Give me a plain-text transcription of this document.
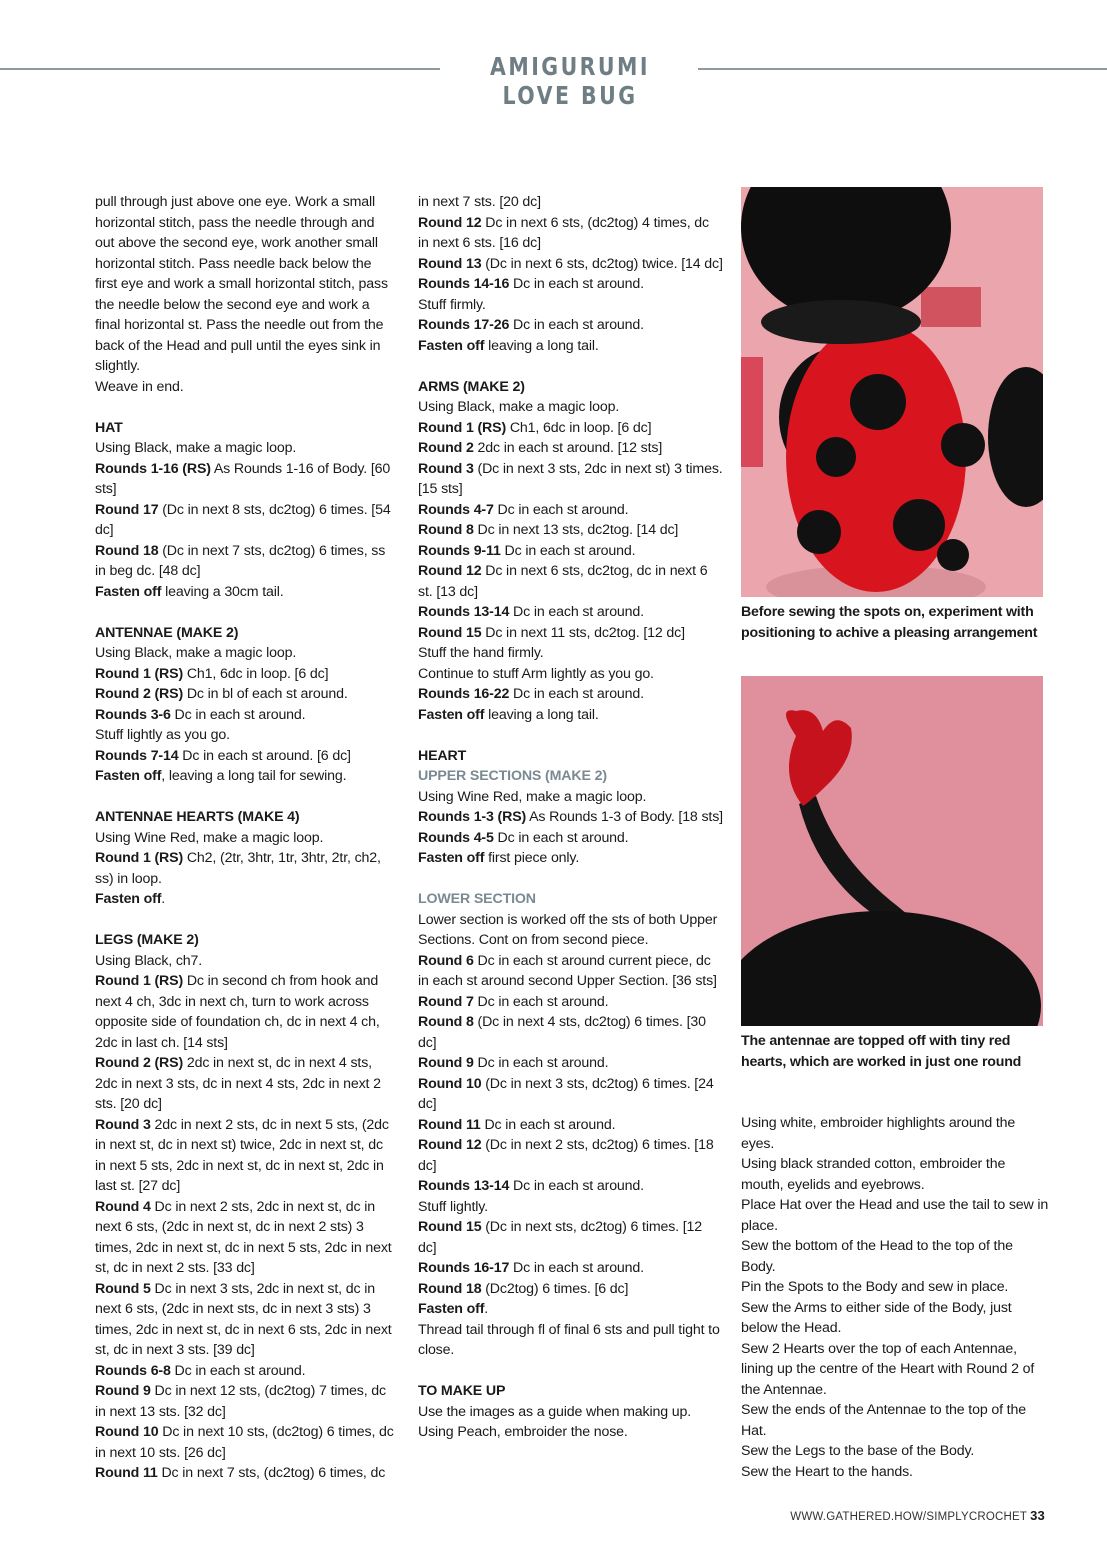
AMIGURUMI LOVE BUG

pull through just above one eye. Work a small horizontal stitch, pass the needle through and out above the second eye, work another small horizontal stitch. Pass needle back below the first eye and work a small horizontal stitch, pass the needle below the second eye and work a final horizontal st. Pass the needle out from the back of the Head and pull until the eyes sink in slightly.

Weave in end.

HAT

Using Black, make a magic loop.

Rounds 1-16 (RS) As Rounds 1-16 of Body. [60 sts]

Round 17 (Dc in next 8 sts, dc2tog) 6 times. [54 dc]

Round 18 (Dc in next 7 sts, dc2tog) 6 times, ss in beg dc. [48 dc]

Fasten off leaving a 30cm tail.

ANTENNAE (MAKE 2)

Using Black, make a magic loop.

Round 1 (RS) Ch1, 6dc in loop. [6 dc]

Round 2 (RS) Dc in bl of each st around.

Rounds 3-6 Dc in each st around.

Stuff lightly as you go.

Rounds 7-14 Dc in each st around. [6 dc]

Fasten off, leaving a long tail for sewing.

ANTENNAE HEARTS (MAKE 4)

Using Wine Red, make a magic loop.

Round 1 (RS) Ch2, (2tr, 3htr, 1tr, 3htr, 2tr, ch2, ss) in loop.

Fasten off.

LEGS (MAKE 2)

Using Black, ch7.

Round 1 (RS) Dc in second ch from hook and next 4 ch, 3dc in next ch, turn to work across opposite side of foundation ch, dc in next 4 ch, 2dc in last ch. [14 sts]

Round 2 (RS) 2dc in next st, dc in next 4 sts, 2dc in next 3 sts, dc in next 4 sts, 2dc in next 2 sts. [20 dc]

Round 3 2dc in next 2 sts, dc in next 5 sts, (2dc in next st, dc in next st) twice, 2dc in next st, dc in next 5 sts, 2dc in next st, dc in next st, 2dc in last st. [27 dc]

Round 4 Dc in next 2 sts, 2dc in next st, dc in next 6 sts, (2dc in next st, dc in next 2 sts) 3 times, 2dc in next st, dc in next 5 sts, 2dc in next st, dc in next 2 sts. [33 dc]

Round 5 Dc in next 3 sts, 2dc in next st, dc in next 6 sts, (2dc in next sts, dc in next 3 sts) 3 times, 2dc in next st, dc in next 6 sts, 2dc in next st, dc in next 3 sts. [39 dc]

Rounds 6-8 Dc in each st around.

Round 9 Dc in next 12 sts, (dc2tog) 7 times, dc in next 13 sts. [32 dc]

Round 10 Dc in next 10 sts, (dc2tog) 6 times, dc in next 10 sts. [26 dc]

Round 11 Dc in next 7 sts, (dc2tog) 6 times, dc

in next 7 sts. [20 dc]

Round 12 Dc in next 6 sts, (dc2tog) 4 times, dc in next 6 sts. [16 dc]

Round 13 (Dc in next 6 sts, dc2tog) twice. [14 dc]

Rounds 14-16 Dc in each st around.

Stuff firmly.

Rounds 17-26 Dc in each st around.

Fasten off leaving a long tail.

ARMS (MAKE 2)

Using Black, make a magic loop.

Round 1 (RS) Ch1, 6dc in loop. [6 dc]

Round 2 2dc in each st around. [12 sts]

Round 3 (Dc in next 3 sts, 2dc in next st) 3 times. [15 sts]

Rounds 4-7 Dc in each st around.

Round 8 Dc in next 13 sts, dc2tog. [14 dc]

Rounds 9-11 Dc in each st around.

Round 12 Dc in next 6 sts, dc2tog, dc in next 6 st. [13 dc]

Rounds 13-14 Dc in each st around.

Round 15 Dc in next 11 sts, dc2tog. [12 dc]

Stuff the hand firmly.

Continue to stuff Arm lightly as you go.

Rounds 16-22 Dc in each st around.

Fasten off leaving a long tail.

HEART

UPPER SECTIONS (MAKE 2)

Using Wine Red, make a magic loop.

Rounds 1-3 (RS) As Rounds 1-3 of Body. [18 sts]

Rounds 4-5 Dc in each st around.

Fasten off first piece only.

LOWER SECTION

Lower section is worked off the sts of both Upper Sections. Cont on from second piece.

Round 6 Dc in each st around current piece, dc in each st around second Upper Section. [36 sts]

Round 7 Dc in each st around.

Round 8 (Dc in next 4 sts, dc2tog) 6 times. [30 dc]

Round 9 Dc in each st around.

Round 10 (Dc in next 3 sts, dc2tog) 6 times. [24 dc]

Round 11 Dc in each st around.

Round 12 (Dc in next 2 sts, dc2tog) 6 times. [18 dc]

Rounds 13-14 Dc in each st around.

Stuff lightly.

Round 15 (Dc in next sts, dc2tog) 6 times. [12 dc]

Rounds 16-17 Dc in each st around.

Round 18 (Dc2tog) 6 times. [6 dc]

Fasten off.

Thread tail through fl of final 6 sts and pull tight to close.

TO MAKE UP

Use the images as a guide when making up.

Using Peach, embroider the nose.

Before sewing the spots on, experiment with positioning to achive a pleasing arrangement
The antennae are topped off with tiny red hearts, which are worked in just one round

Using white, embroider highlights around the eyes.

Using black stranded cotton, embroider the mouth, eyelids and eyebrows.

Place Hat over the Head and use the tail to sew in place.

Sew the bottom of the Head to the top of the Body.

Pin the Spots to the Body and sew in place.

Sew the Arms to either side of the Body, just below the Head.

Sew 2 Hearts over the top of each Antennae, lining up the centre of the Heart with Round 2 of the Antennae.

Sew the ends of the Antennae to the top of the Hat.

Sew the Legs to the base of the Body.

Sew the Heart to the hands.

WWW.GATHERED.HOW/SIMPLYCROCHET 33
